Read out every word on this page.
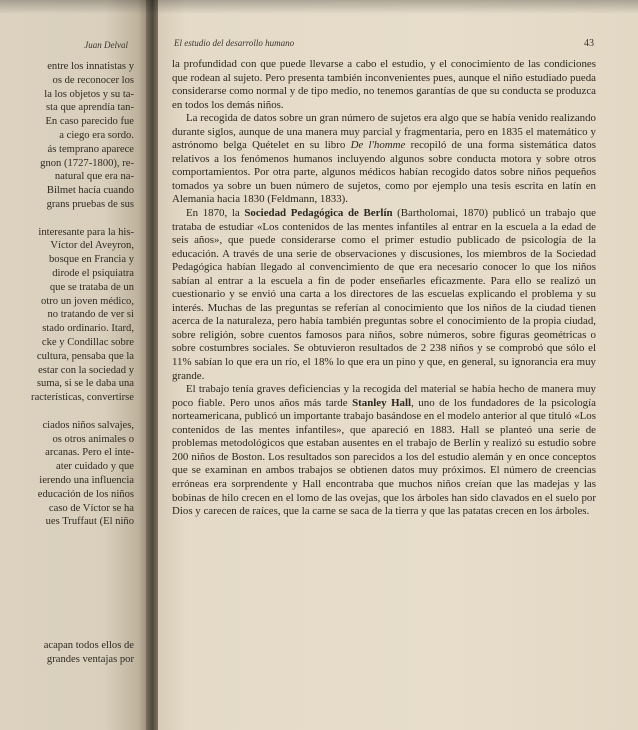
Juan Delval
entre los innatistas y
os de reconocer los
la los objetos y su ta-
sta que aprendía tan-
En caso parecido fue
a ciego era sordo.
ás temprano aparece
gnon (1727-1800), re-
natural que era na-
Bilmet hacía cuando
grans pruebas de sus
interesante para la his-
Víctor del Aveyron,
bosque en Francia y
dirode el psiquiatra
que se trataba de un
otro un joven médico,
no tratando de ver si
stado ordinario. Itard,
cke y Condillac sobre
cultura, pensaba que la
estar con la sociedad y
suma, si se le daba una
racterísticas, convertirse
ciados niños salvajes,
os otros animales o
arcanas. Pero el inte-
ater cuidado y que
ierendo una influencia
educación de los niños
caso de Víctor se ha
ues Truffaut (El niño
acapan todos ellos de
grandes ventajas por
El estudio del desarrollo humano	43

la profundidad con que puede llevarse a cabo el estudio, y el conocimiento de las condiciones que rodean al sujeto. Pero presenta también inconvenientes pues, aunque el niño estudiado pueda considerarse como normal y de tipo medio, no tenemos garantías de que su conducta se produzca en todos los demás niños.

La recogida de datos sobre un gran número de sujetos era algo que se había venido realizando durante siglos, aunque de una manera muy parcial y fragmentaria, pero en 1835 el matemático y astrónomo belga Quételet en su libro De l'homme recopiló de una forma sistemática datos relativos a los fenómenos humanos incluyendo algunos sobre conducta motora y sobre otros comportamientos. Por otra parte, algunos médicos habían recogido datos sobre niños pequeños tomados ya sobre un buen número de sujetos, como por ejemplo una tesis escrita en latín en Alemania hacia 1830 (Feldmann, 1833).

En 1870, la Sociedad Pedagógica de Berlín (Bartholomai, 1870) publicó un trabajo que trataba de estudiar «Los contenidos de las mentes infantiles al entrar en la escuela a la edad de seis años», que puede considerarse como el primer estudio publicado de psicología de la educación. A través de una serie de observaciones y discusiones, los miembros de la Sociedad Pedagógica habían llegado al convencimiento de que era necesario conocer lo que los niños sabían al entrar a la escuela a fin de poder enseñarles eficazmente. Para ello se realizó un cuestionario y se envió una carta a los directores de las escuelas explicando el problema y su interés. Muchas de las preguntas se referían al conocimiento que los niños de la ciudad tienen acerca de la naturaleza, pero había también preguntas sobre el conocimiento de la propia ciudad, sobre religión, sobre cuentos famosos para niños, sobre números, sobre figuras geométricas o sobre costumbres sociales. Se obtuvieron resultados de 2 238 niños y se comprobó que sólo el 11% sabían lo que era un río, el 18% lo que era un pino y que, en general, su ignorancia era muy grande.

El trabajo tenía graves deficiencias y la recogida del material se había hecho de manera muy poco fiable. Pero unos años más tarde Stanley Hall, uno de los fundadores de la psicología norteamericana, publicó un importante trabajo basándose en el modelo anterior al que tituló «Los contenidos de las mentes infantiles», que apareció en 1883. Hall se planteó una serie de problemas metodológicos que estaban ausentes en el trabajo de Berlín y realizó su estudio sobre 200 niños de Boston. Los resultados son parecidos a los del estudio alemán y en once conceptos que se examinan en ambos trabajos se obtienen datos muy próximos. El número de creencias erróneas era sorprendente y Hall encontraba que muchos niños creían que las madejas y las bobinas de hilo crecen en el lomo de las ovejas, que los árboles han sido clavados en el suelo por Dios y carecen de raíces, que la carne se saca de la tierra y que las patatas crecen en los árboles.
